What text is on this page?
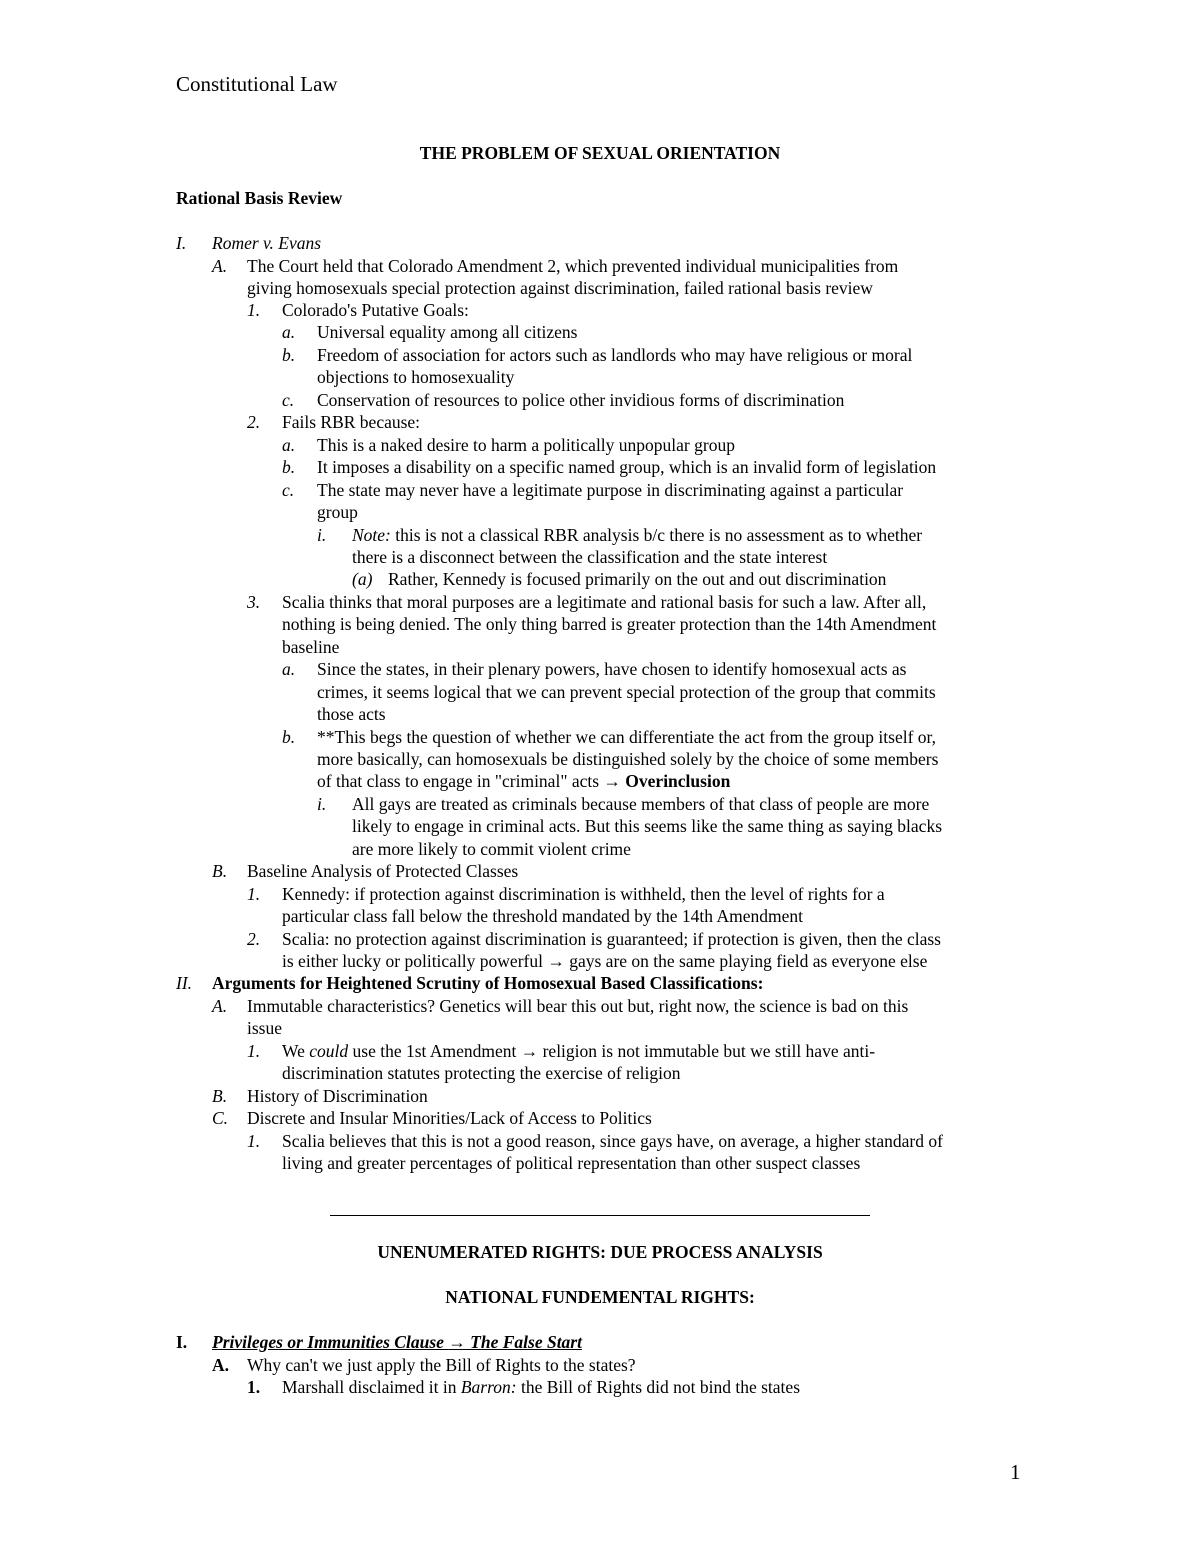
Constitutional Law
THE PROBLEM OF SEXUAL ORIENTATION
Rational Basis Review
I. Romer v. Evans
A. The Court held that Colorado Amendment 2, which prevented individual municipalities from
giving homosexuals special protection against discrimination, failed rational basis review
1. Colorado's Putative Goals:
a. Universal equality among all citizens
b. Freedom of association for actors such as landlords who may have religious or moral
objections to homosexuality
c. Conservation of resources to police other invidious forms of discrimination
2. Fails RBR because:
a. This is a naked desire to harm a politically unpopular group
b. It imposes a disability on a specific named group, which is an invalid form of legislation
c. The state may never have a legitimate purpose in discriminating against a particular
group
i. Note: this is not a classical RBR analysis b/c there is no assessment as to whether
there is a disconnect between the classification and the state interest
(a) Rather, Kennedy is focused primarily on the out and out discrimination
3. Scalia thinks that moral purposes are a legitimate and rational basis for such a law. After all,
nothing is being denied. The only thing barred is greater protection than the 14th Amendment
baseline
a. Since the states, in their plenary powers, have chosen to identify homosexual acts as
crimes, it seems logical that we can prevent special protection of the group that commits
those acts
b. **This begs the question of whether we can differentiate the act from the group itself or,
more basically, can homosexuals be distinguished solely by the choice of some members
of that class to engage in "criminal" acts → Overinclusion
i. All gays are treated as criminals because members of that class of people are more
likely to engage in criminal acts. But this seems like the same thing as saying blacks
are more likely to commit violent crime
B. Baseline Analysis of Protected Classes
1. Kennedy: if protection against discrimination is withheld, then the level of rights for a
particular class fall below the threshold mandated by the 14th Amendment
2. Scalia: no protection against discrimination is guaranteed; if protection is given, then the class
is either lucky or politically powerful → gays are on the same playing field as everyone else
II. Arguments for Heightened Scrutiny of Homosexual Based Classifications:
A. Immutable characteristics? Genetics will bear this out but, right now, the science is bad on this
issue
1. We could use the 1st Amendment → religion is not immutable but we still have anti-
discrimination statutes protecting the exercise of religion
B. History of Discrimination
C. Discrete and Insular Minorities/Lack of Access to Politics
1. Scalia believes that this is not a good reason, since gays have, on average, a higher standard of
living and greater percentages of political representation than other suspect classes
UNENUMERATED RIGHTS: DUE PROCESS ANALYSIS
NATIONAL FUNDEMENTAL RIGHTS:
I. Privileges or Immunities Clause → The False Start
A. Why can't we just apply the Bill of Rights to the states?
1. Marshall disclaimed it in Barron: the Bill of Rights did not bind the states
1
